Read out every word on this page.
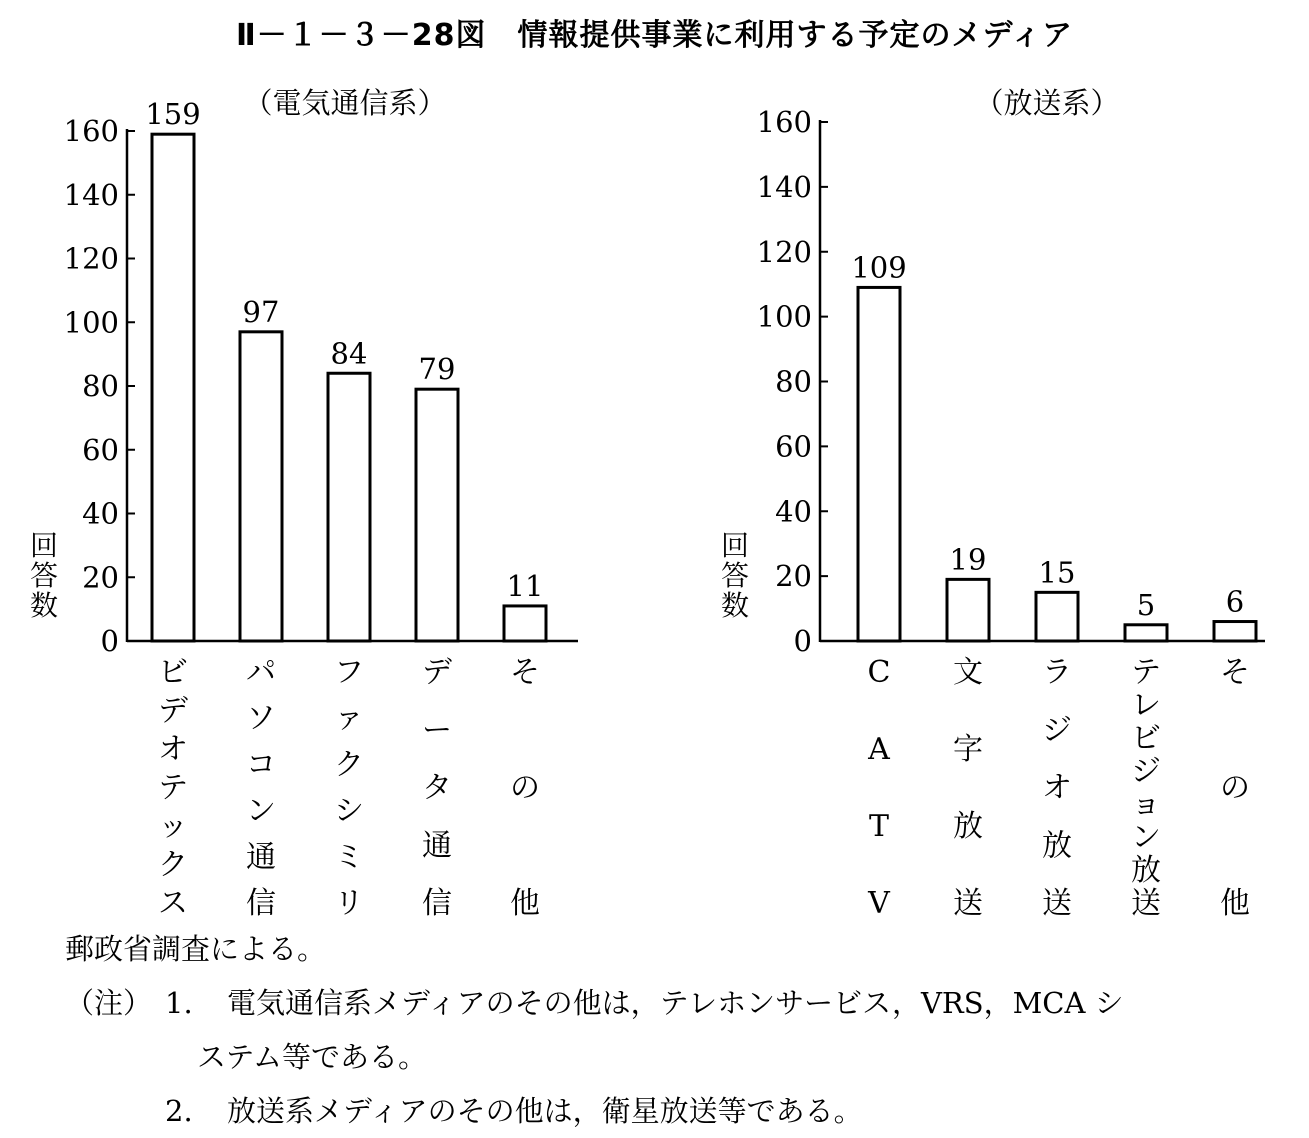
Ⅱ－１－３－28図　情報提供事業に利用する予定のメディア
（電気通信系）
0
20
40
60
80
100
120
140
160
回
答
数
159
ビ
デ
オ
テ
ッ
ク
ス
97
パ
ソ
コ
ン
通
信
84
フ
ァ
ク
シ
ミ
リ
79
デ
ー
タ
通
信
11
そ
の
他
（放送系）
0
20
40
60
80
100
120
140
160
回
答
数
109
C
A
T
V
19
文
字
放
送
15
ラ
ジ
オ
放
送
5
テ
レ
ビ
ジ
ョ
ン
放
送
6
そ
の
他
郵政省調査による。
（注） 1. 電気通信系メディアのその他は，テレホンサービス，VRS，MCA シ
ステム等である。
2. 放送系メディアのその他は，衛星放送等である。
